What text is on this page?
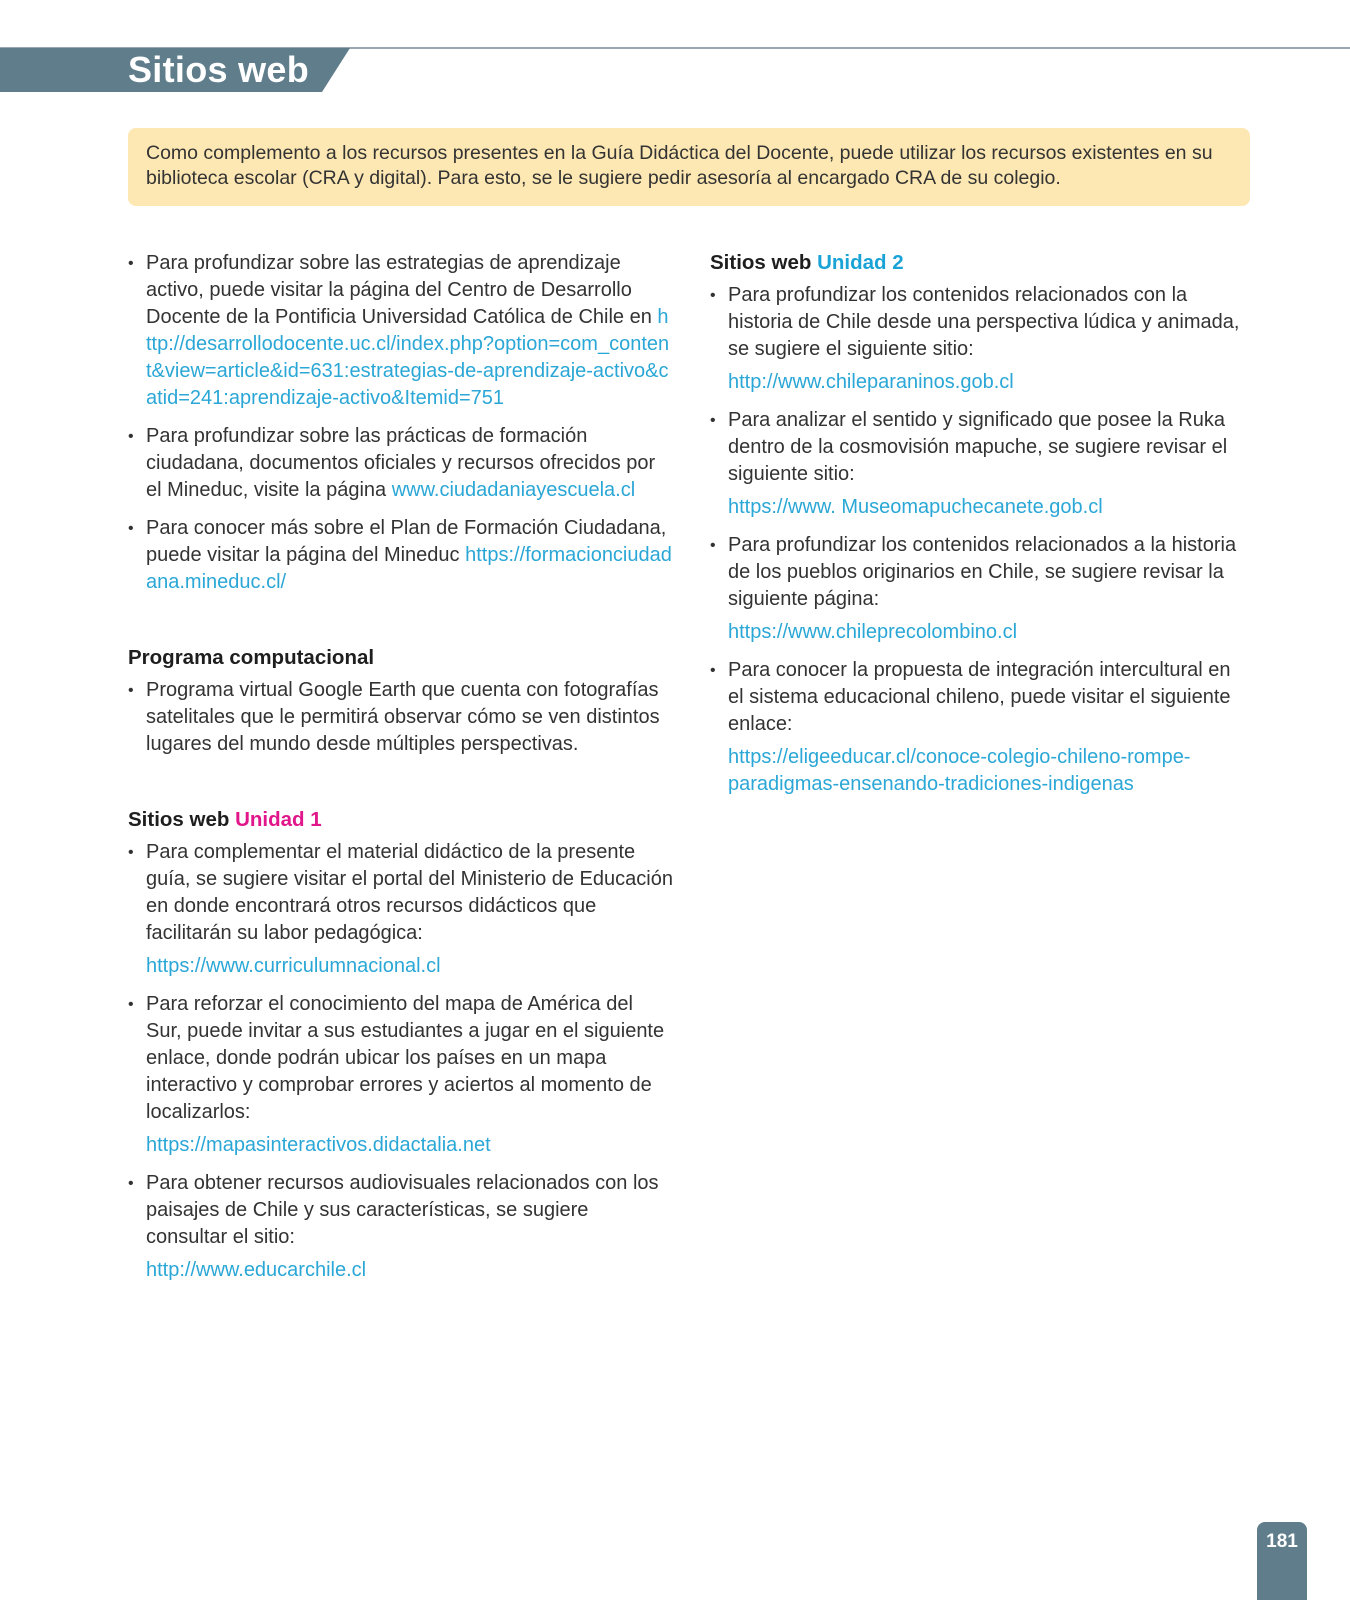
Sitios web
Como complemento a los recursos presentes en la Guía Didáctica del Docente, puede utilizar los recursos existentes en su biblioteca escolar (CRA y digital). Para esto, se le sugiere pedir asesoría al encargado CRA de su colegio.
• Para profundizar sobre las estrategias de aprendizaje activo, puede visitar la página del Centro de Desarrollo Docente de la Pontificia Universidad Católica de Chile en http://desarrollodocente.uc.cl/index.php?option=com_content&view=article&id=631:estrategias-de-aprendizaje-activo&catid=241:aprendizaje-activo&Itemid=751
• Para profundizar sobre las prácticas de formación ciudadana, documentos oficiales y recursos ofrecidos por el Mineduc, visite la página www.ciudadaniayescuela.cl
• Para conocer más sobre el Plan de Formación Ciudadana, puede visitar la página del Mineduc https://formacionciudadana.mineduc.cl/
Programa computacional
• Programa virtual Google Earth que cuenta con fotografías satelitales que le permitirá observar cómo se ven distintos lugares del mundo desde múltiples perspectivas.
Sitios web Unidad 1
• Para complementar el material didáctico de la presente guía, se sugiere visitar el portal del Ministerio de Educación en donde encontrará otros recursos didácticos que facilitarán su labor pedagógica:
https://www.curriculumnacional.cl
• Para reforzar el conocimiento del mapa de América del Sur, puede invitar a sus estudiantes a jugar en el siguiente enlace, donde podrán ubicar los países en un mapa interactivo y comprobar errores y aciertos al momento de localizarlos:
https://mapasinteractivos.didactalia.net
• Para obtener recursos audiovisuales relacionados con los paisajes de Chile y sus características, se sugiere consultar el sitio:
http://www.educarchile.cl
Sitios web Unidad 2
• Para profundizar los contenidos relacionados con la historia de Chile desde una perspectiva lúdica y animada, se sugiere el siguiente sitio:
http://www.chileparaninos.gob.cl
• Para analizar el sentido y significado que posee la Ruka dentro de la cosmovisión mapuche, se sugiere revisar el siguiente sitio:
https://www. Museomapuchecanete.gob.cl
• Para profundizar los contenidos relacionados a la historia de los pueblos originarios en Chile, se sugiere revisar la siguiente página:
https://www.chileprecolombino.cl
• Para conocer la propuesta de integración intercultural en el sistema educacional chileno, puede visitar el siguiente enlace:
https://eligeeducar.cl/conoce-colegio-chileno-rompe-paradigmas-ensenando-tradiciones-indigenas
181
